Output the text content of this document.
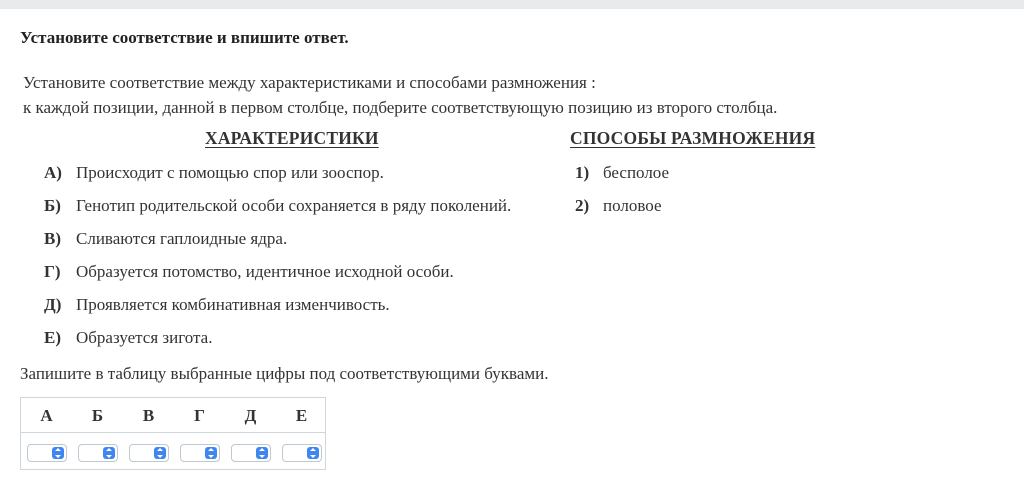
Установите соответствие и впишите ответ.
Установите соответствие между характеристиками и способами размножения :
к каждой позиции, данной в первом столбце, подберите соответствующую позицию из второго столбца.
ХАРАКТЕРИСТИКИ	СПОСОБЫ РАЗМНОЖЕНИЯ
А) Происходит с помощью спор или зооспор.
Б) Генотип родительской особи сохраняется в ряду поколений.
В) Сливаются гаплоидные ядра.
Г) Образуется потомство, идентичное исходной особи.
Д) Проявляется комбинативная изменчивость.
Е) Образуется зигота.
1) бесполое
2) половое
Запишите в таблицу выбранные цифры под соответствующими буквами.
А	Б	В	Г	Д	Е
